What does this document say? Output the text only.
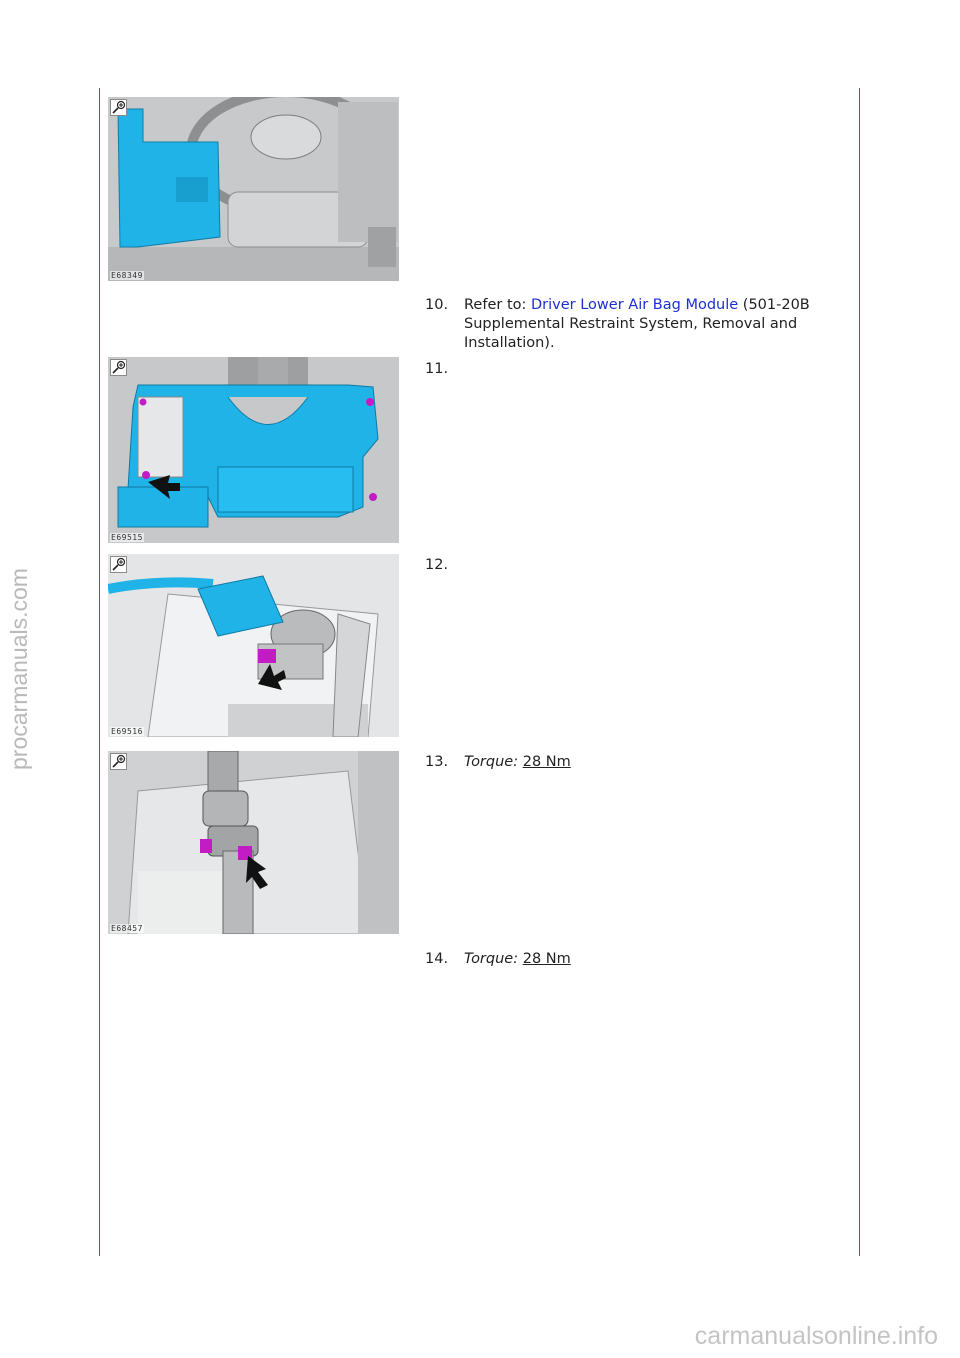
E68349
10. Refer to: Driver Lower Air Bag Module (501-20B Supplemental Restraint System, Removal and Installation).
E69515
11.
E69516
12.
E68457
13. Torque: 28 Nm
14. Torque: 28 Nm
procarmanuals.com
carmanualsonline.info
